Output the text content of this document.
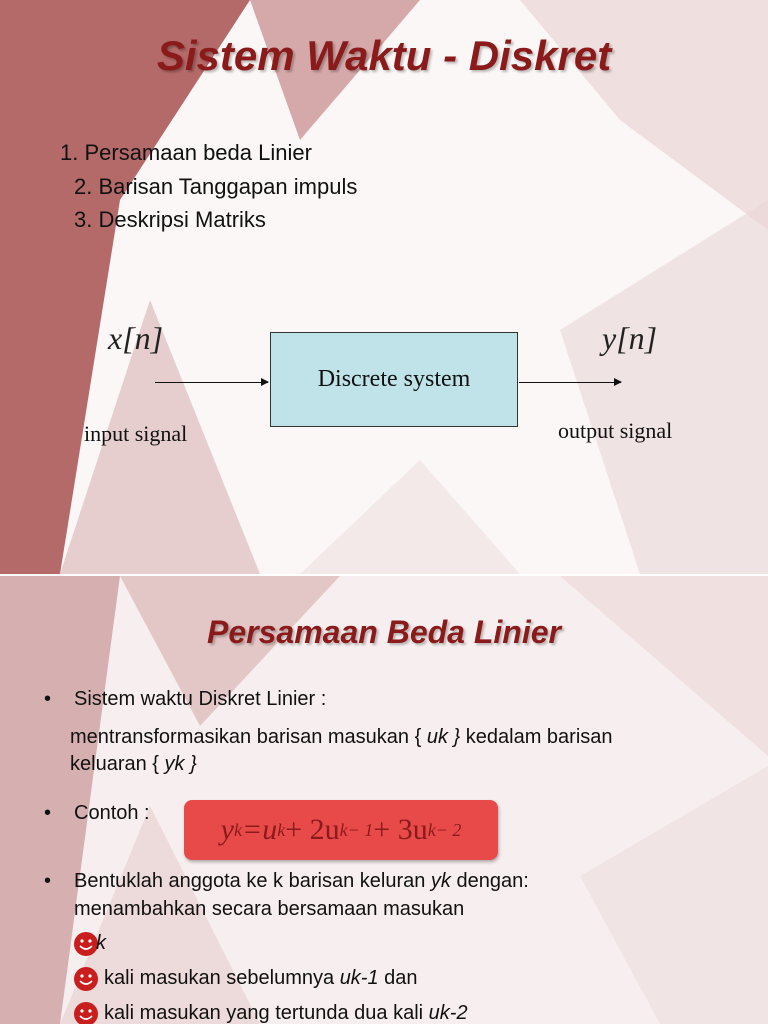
Sistem Waktu - Diskret
1. Persamaan beda Linier
2. Barisan Tanggapan impuls
3. Deskripsi Matriks
x[n]	y[n]
Discrete system
input signal	output signal
Persamaan Beda Linier
• Sistem waktu Diskret Linier :
mentransformasikan barisan masukan { uk } kedalam barisan
keluaran { yk }
• Contoh : y k =u k + 2u k− 1 + 3u k− 2
• Bentuklah anggota ke k barisan keluran yk dengan:
menambahkan secara bersamaan masukan
k
kali masukan sebelumnya uk-1 dan
kali masukan yang tertunda dua kali uk-2
